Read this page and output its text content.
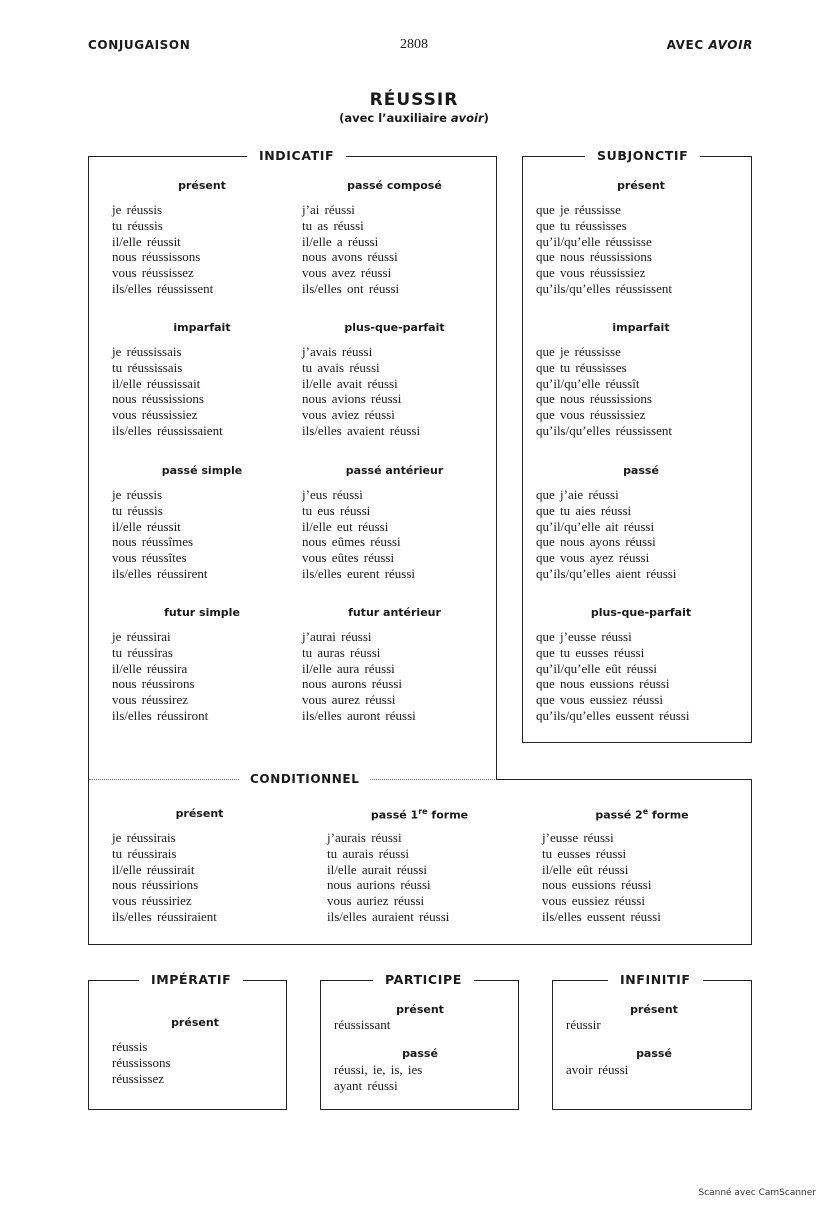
CONJUGAISON	2808	AVEC AVOIR
RÉUSSIR
(avec l’auxiliaire avoir)
INDICATIF	SUBJONCTIF
CONDITIONNEL
présent
je réussis
tu réussis
il/elle réussit
nous réussissons
vous réussissez
ils/elles réussissent
imparfait
je réussissais
tu réussissais
il/elle réussissait
nous réussissions
vous réussissiez
ils/elles réussissaient
passé simple
je réussis
tu réussis
il/elle réussit
nous réussîmes
vous réussîtes
ils/elles réussirent
futur simple
je réussirai
tu réussiras
il/elle réussira
nous réussirons
vous réussirez
ils/elles réussiront
passé composé
j’ai réussi
tu as réussi
il/elle a réussi
nous avons réussi
vous avez réussi
ils/elles ont réussi
plus-que-parfait
j’avais réussi
tu avais réussi
il/elle avait réussi
nous avions réussi
vous aviez réussi
ils/elles avaient réussi
passé antérieur
j’eus réussi
tu eus réussi
il/elle eut réussi
nous eûmes réussi
vous eûtes réussi
ils/elles eurent réussi
futur antérieur
j’aurai réussi
tu auras réussi
il/elle aura réussi
nous aurons réussi
vous aurez réussi
ils/elles auront réussi
présent
que je réussisse
que tu réussisses
qu’il/qu’elle réussisse
que nous réussissions
que vous réussissiez
qu’ils/qu’elles réussissent
imparfait
que je réussisse
que tu réussisses
qu’il/qu’elle réussît
que nous réussissions
que vous réussissiez
qu’ils/qu’elles réussissent
passé
que j’aie réussi
que tu aies réussi
qu’il/qu’elle ait réussi
que nous ayons réussi
que vous ayez réussi
qu’ils/qu’elles aient réussi
plus-que-parfait
que j’eusse réussi
que tu eusses réussi
qu’il/qu’elle eût réussi
que nous eussions réussi
que vous eussiez réussi
qu’ils/qu’elles eussent réussi
présent
je réussirais
tu réussirais
il/elle réussirait
nous réussirions
vous réussiriez
ils/elles réussiraient
passé 1re forme
j’aurais réussi
tu aurais réussi
il/elle aurait réussi
nous aurions réussi
vous auriez réussi
ils/elles auraient réussi
passé 2e forme
j’eusse réussi
tu eusses réussi
il/elle eût réussi
nous eussions réussi
vous eussiez réussi
ils/elles eussent réussi
IMPÉRATIF
présent
réussis
réussissons
réussissez
PARTICIPE
présent
réussissant
passé
réussi, ie, is, ies
ayant réussi
INFINITIF
présent
réussir
passé
avoir réussi
Scanné avec CamScanner
